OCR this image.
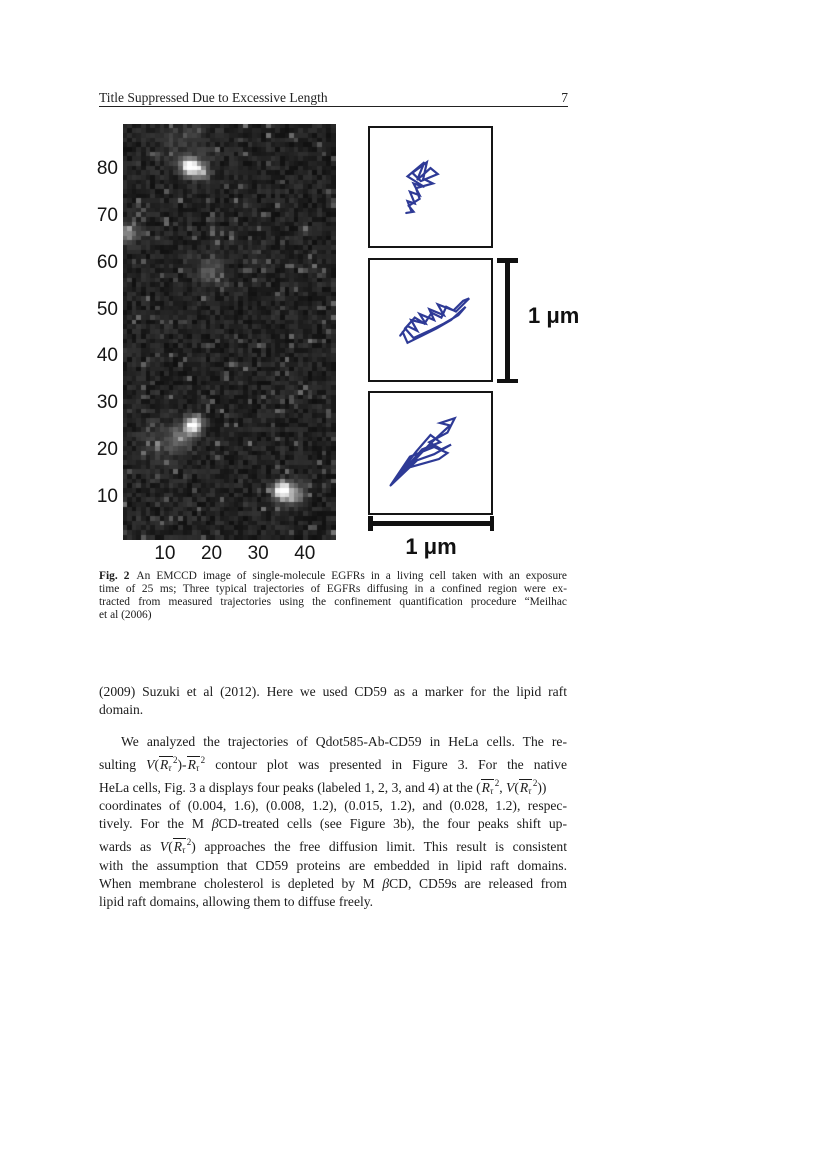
Title Suppressed Due to Excessive Length	7
80
70
60
50
40
30
20
10
10	20	30	40
1 μm
1 μm
Fig. 2 An EMCCD image of single-molecule EGFRs in a living cell taken with an exposure
time of 25 ms; Three typical trajectories of EGFRs diffusing in a confined region were ex-
tracted from measured trajectories using the confinement quantification procedure “Meilhac
et al (2006)
(2009) Suzuki et al (2012). Here we used CD59 as a marker for the lipid raft
domain.
We analyzed the trajectories of Qdot585-Ab-CD59 in HeLa cells. The re-
sulting $V(R\tau^2)-R\tau^2$ contour plot was presented in Figure 3. For the native
HeLa cells, Fig. 3 a displays four peaks (labeled 1, 2, 3, and 4) at the ($R\tau^2$, $V(R\tau^2)$)
coordinates of (0.004, 1.6), (0.008, 1.2), (0.015, 1.2), and (0.028, 1.2), respec-
tively. For the M βCD-treated cells (see Figure 3b), the four peaks shift up-
wards as $V(R\tau^2)$ approaches the free diffusion limit. This result is consistent
with the assumption that CD59 proteins are embedded in lipid raft domains.
When membrane cholesterol is depleted by M βCD, CD59s are released from
lipid raft domains, allowing them to diffuse freely.
